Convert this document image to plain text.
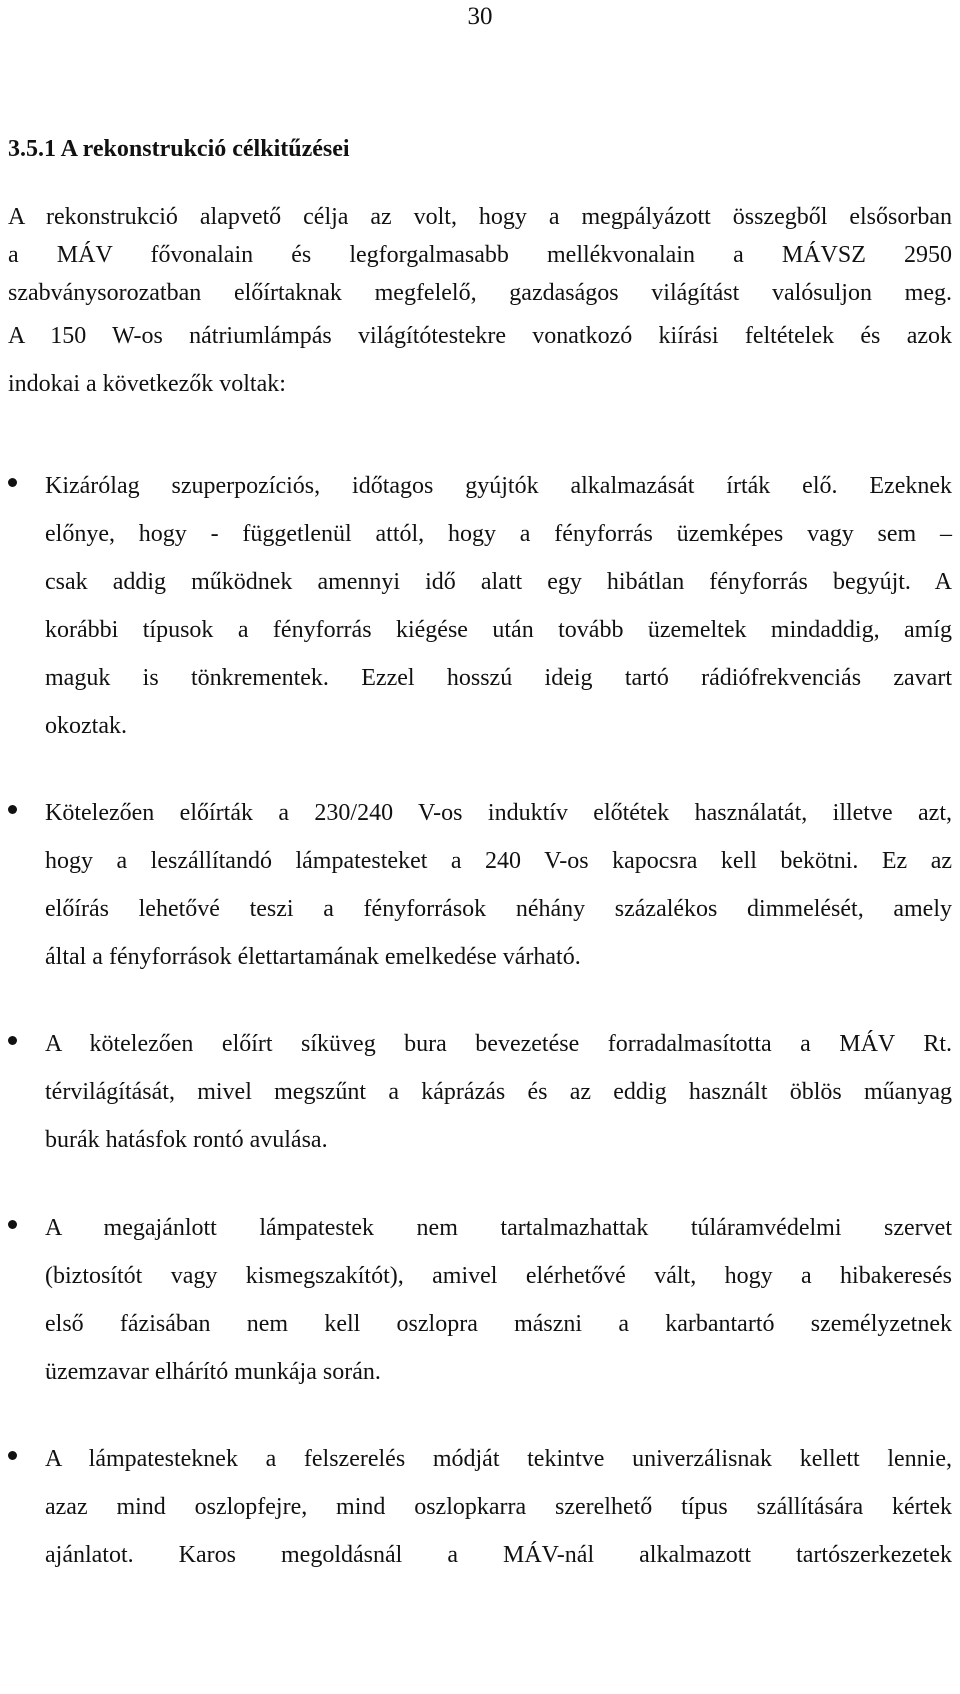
30
3.5.1 A rekonstrukció célkitűzései

A rekonstrukció alapvető célja az volt, hogy a megpályázott összegből elsősorban
a MÁV fővonalain és legforgalmasabb mellékvonalain a MÁVSZ 2950
szabványsorozatban előírtaknak megfelelő, gazdaságos világítást valósuljon meg.
A 150 W-os nátriumlámpás világítótestekre vonatkozó kiírási feltételek és azok
indokai a következők voltak:

Kizárólag szuperpozíciós, időtagos gyújtók alkalmazását írták elő. Ezeknek
előnye, hogy - függetlenül attól, hogy a fényforrás üzemképes vagy sem –
csak addig működnek amennyi idő alatt egy hibátlan fényforrás begyújt. A
korábbi típusok a fényforrás kiégése után tovább üzemeltek mindaddig, amíg
maguk is tönkrementek. Ezzel hosszú ideig tartó rádiófrekvenciás zavart
okoztak.

Kötelezően előírták a 230/240 V-os induktív előtétek használatát, illetve azt,
hogy a leszállítandó lámpatesteket a 240 V-os kapocsra kell bekötni. Ez az
előírás lehetővé teszi a fényforrások néhány százalékos dimmelését, amely
által a fényforrások élettartamának emelkedése várható.

A kötelezően előírt síküveg bura bevezetése forradalmasította a MÁV Rt.
térvilágítását, mivel megszűnt a káprázás és az eddig használt öblös műanyag
burák hatásfok rontó avulása.

A megajánlott lámpatestek nem tartalmazhattak túláramvédelmi szervet
(biztosítót vagy kismegszakítót), amivel elérhetővé vált, hogy a hibakeresés
első fázisában nem kell oszlopra mászni a karbantartó személyzetnek
üzemzavar elhárító munkája során.

A lámpatesteknek a felszerelés módját tekintve univerzálisnak kellett lennie,
azaz mind oszlopfejre, mind oszlopkarra szerelhető típus szállítására kértek
ajánlatot. Karos megoldásnál a MÁV-nál alkalmazott tartószerkezetek
